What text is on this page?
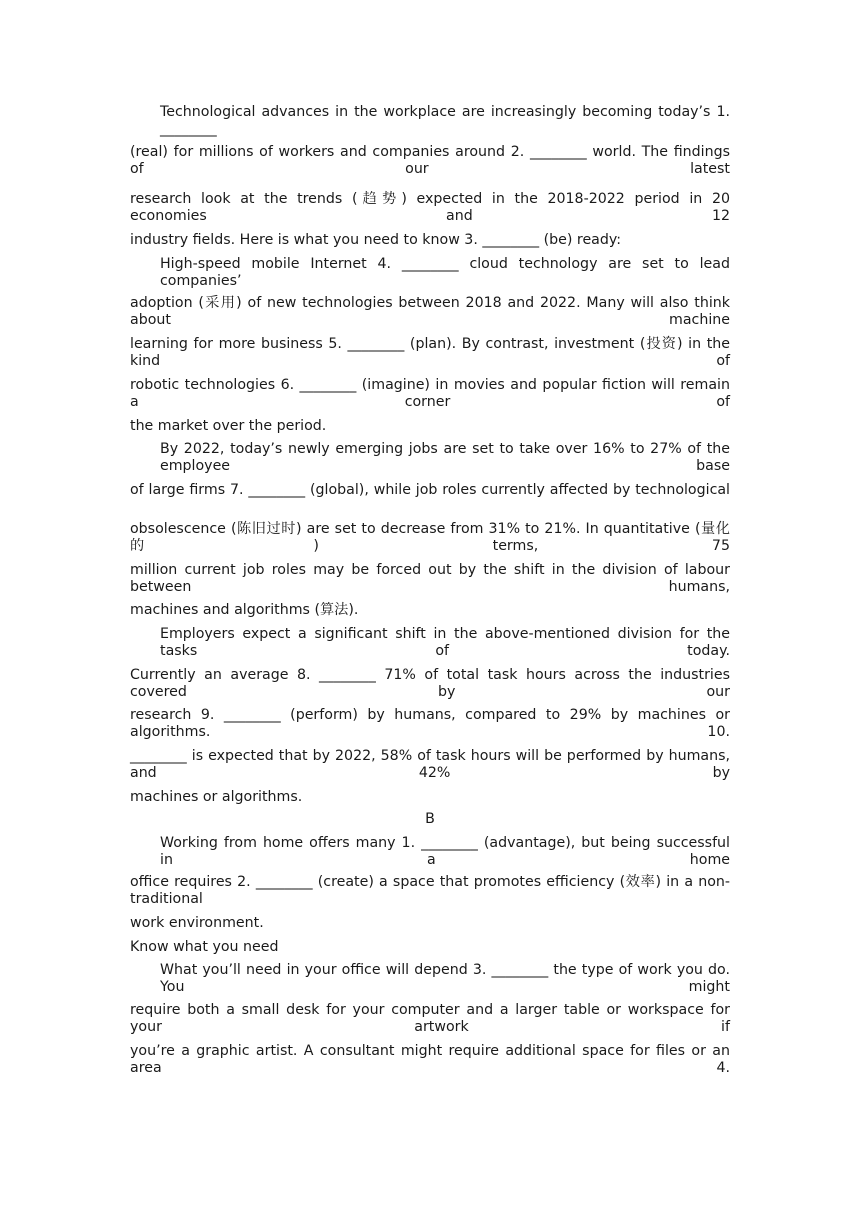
Technological advances in the workplace are increasingly becoming today’s 1. ________
(real) for millions of workers and companies around 2. ________ world. The findings of our latest
research look at the trends (趋势) expected in the 2018-2022 period in 20 economies and 12
industry fields. Here is what you need to know 3. ________ (be) ready:
High-speed mobile Internet 4. ________ cloud technology are set to lead companies’
adoption (采用) of new technologies between 2018 and 2022. Many will also think about machine
learning for more business 5. ________ (plan). By contrast, investment (投资) in the kind of
robotic technologies 6. ________ (imagine) in movies and popular fiction will remain a corner of
the market over the period.
By 2022, today’s newly emerging jobs are set to take over 16% to 27% of the employee base
of large firms 7. ________ (global), while job roles currently affected by technological
obsolescence (陈旧过时) are set to decrease from 31% to 21%. In quantitative (量化的) terms, 75
million current job roles may be forced out by the shift in the division of labour between humans,
machines and algorithms (算法).
Employers expect a significant shift in the above-mentioned division for the tasks of today.
Currently an average 8. ________ 71% of total task hours across the industries covered by our
research 9. ________ (perform) by humans, compared to 29% by machines or algorithms. 10.
________ is expected that by 2022, 58% of task hours will be performed by humans, and 42% by
machines or algorithms.
B
Working from home offers many 1. ________ (advantage), but being successful in a home
office requires 2. ________ (create) a space that promotes efficiency (效率) in a non-traditional
work environment.
Know what you need
What you’ll need in your office will depend 3. ________ the type of work you do. You might
require both a small desk for your computer and a larger table or workspace for your artwork if
you’re a graphic artist. A consultant might require additional space for files or an area 4.
